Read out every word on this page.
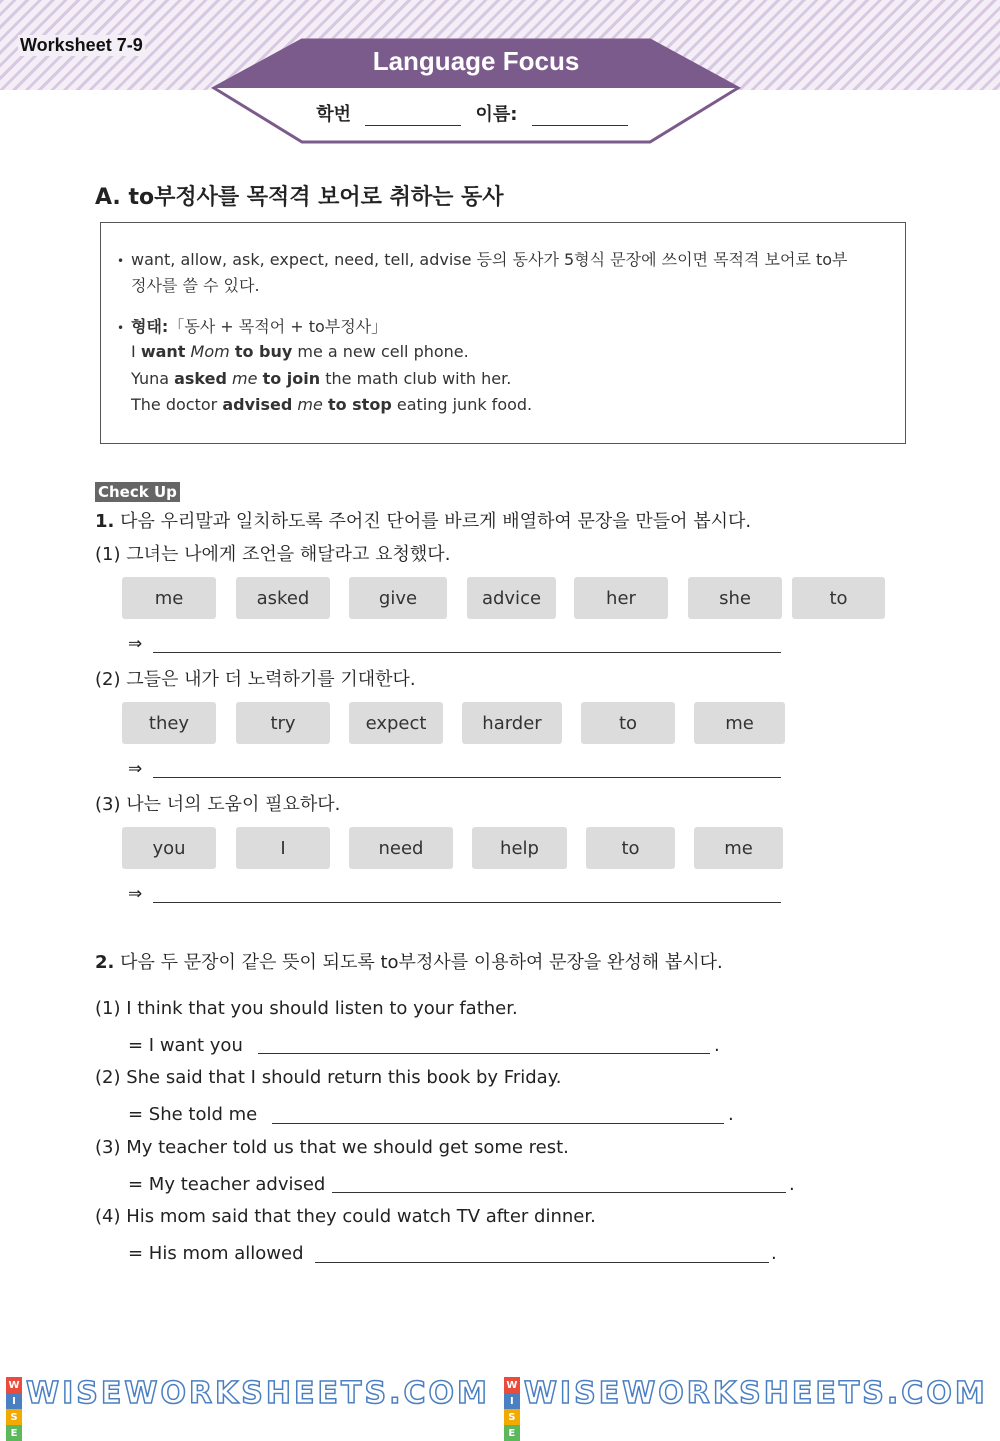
Worksheet 7-9
Language Focus
학번	이름:
A. to부정사를 목적격 보어로 취하는 동사
• want, allow, ask, expect, need, tell, advise 등의 동사가 5형식 문장에 쓰이면 목적격 보어로 to부
정사를 쓸 수 있다.
• 형태:「동사 + 목적어 + to부정사」
I want Mom to buy me a new cell phone.
Yuna asked me to join the math club with her.
The doctor advised me to stop eating junk food.
Check Up
1. 다음 우리말과 일치하도록 주어진 단어를 바르게 배열하여 문장을 만들어 봅시다.
(1) 그녀는 나에게 조언을 해달라고 요청했다.
me	asked	give	advice	her	she	to
⇒
(2) 그들은 내가 더 노력하기를 기대한다.
they	try	expect	harder	to	me
⇒
(3) 나는 너의 도움이 필요하다.
you	I	need	help	to	me
⇒
2. 다음 두 문장이 같은 뜻이 되도록 to부정사를 이용하여 문장을 완성해 봅시다.
(1) I think that you should listen to your father.
= I want you	.
(2) She said that I should return this book by Friday.
= She told me	.
(3) My teacher told us that we should get some rest.
= My teacher advised	.
(4) His mom said that they could watch TV after dinner.
= His mom allowed	.
W
I
S
E
WISEWORKSHEETS.COM W
I
S
E
WISEWORKSHEETS.COM
